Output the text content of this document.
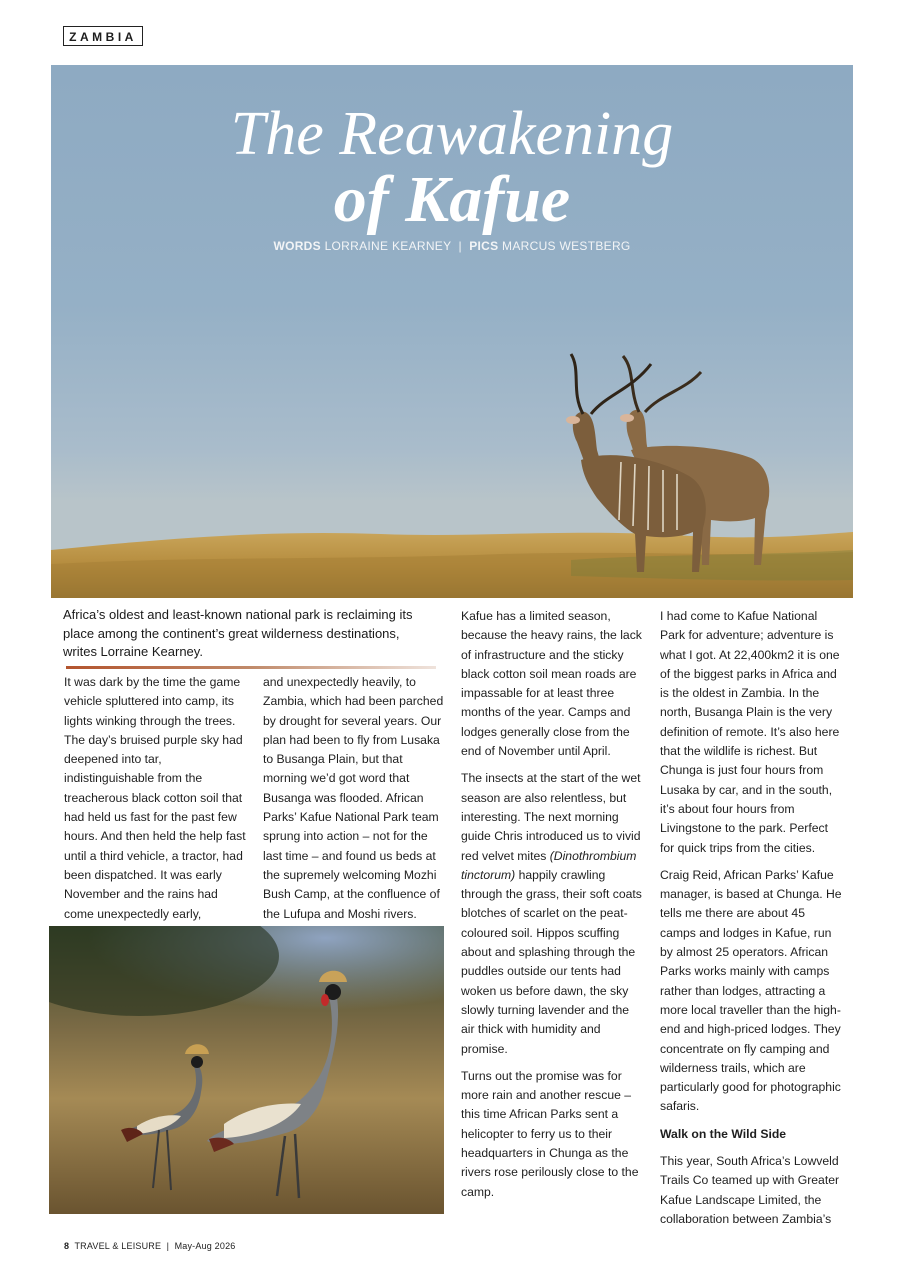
ZAMBIA
The Reawakening
of Kafue
WORDS LORRAINE KEARNEY | PICS MARCUS WESTBERG
Africa’s oldest and least-known national park is reclaiming its place among the continent’s great wilderness destinations, writes Lorraine Kearney.

It was dark by the time the game vehicle spluttered into camp, its lights winking through the trees. The day’s bruised purple sky had deepened into tar, indistinguishable from the treacherous black cotton soil that had held us fast for the past few hours. And then held the help fast until a third vehicle, a tractor, had been dispatched. It was early November and the rains had come unexpectedly early,

and unexpectedly heavily, to Zambia, which had been parched by drought for several years. Our plan had been to fly from Lusaka to Busanga Plain, but that morning we’d got word that Busanga was flooded. African Parks’ Kafue National Park team sprung into action – not for the last time – and found us beds at the supremely welcoming Mozhi Bush Camp, at the confluence of the Lufupa and Moshi rivers.

Kafue has a limited season, because the heavy rains, the lack of infrastructure and the sticky black cotton soil mean roads are impassable for at least three months of the year. Camps and lodges generally close from the end of November until April.

The insects at the start of the wet season are also relentless, but interesting. The next morning guide Chris introduced us to vivid red velvet mites (Dinothrombium tinctorum) happily crawling through the grass, their soft coats blotches of scarlet on the peat-coloured soil. Hippos scuffing about and splashing through the puddles outside our tents had woken us before dawn, the sky slowly turning lavender and the air thick with humidity and promise.

Turns out the promise was for more rain and another rescue – this time African Parks sent a helicopter to ferry us to their headquarters in Chunga as the rivers rose perilously close to the camp.

I had come to Kafue National Park for adventure; adventure is what I got. At 22,400km2 it is one of the biggest parks in Africa and is the oldest in Zambia. In the north, Busanga Plain is the very definition of remote. It’s also here that the wildlife is richest. But Chunga is just four hours from Lusaka by car, and in the south, it’s about four hours from Livingstone to the park. Perfect for quick trips from the cities.

Craig Reid, African Parks’ Kafue manager, is based at Chunga. He tells me there are about 45 camps and lodges in Kafue, run by almost 25 operators. African Parks works mainly with camps rather than lodges, attracting a more local traveller than the high-end and high-priced lodges. They concentrate on fly camping and wilderness trails, which are particularly good for photographic safaris.

Walk on the Wild Side

This year, South Africa’s Lowveld Trails Co teamed up with Greater Kafue Landscape Limited, the collaboration between Zambia’s

8 TRAVEL & LEISURE | May-Aug 2026
